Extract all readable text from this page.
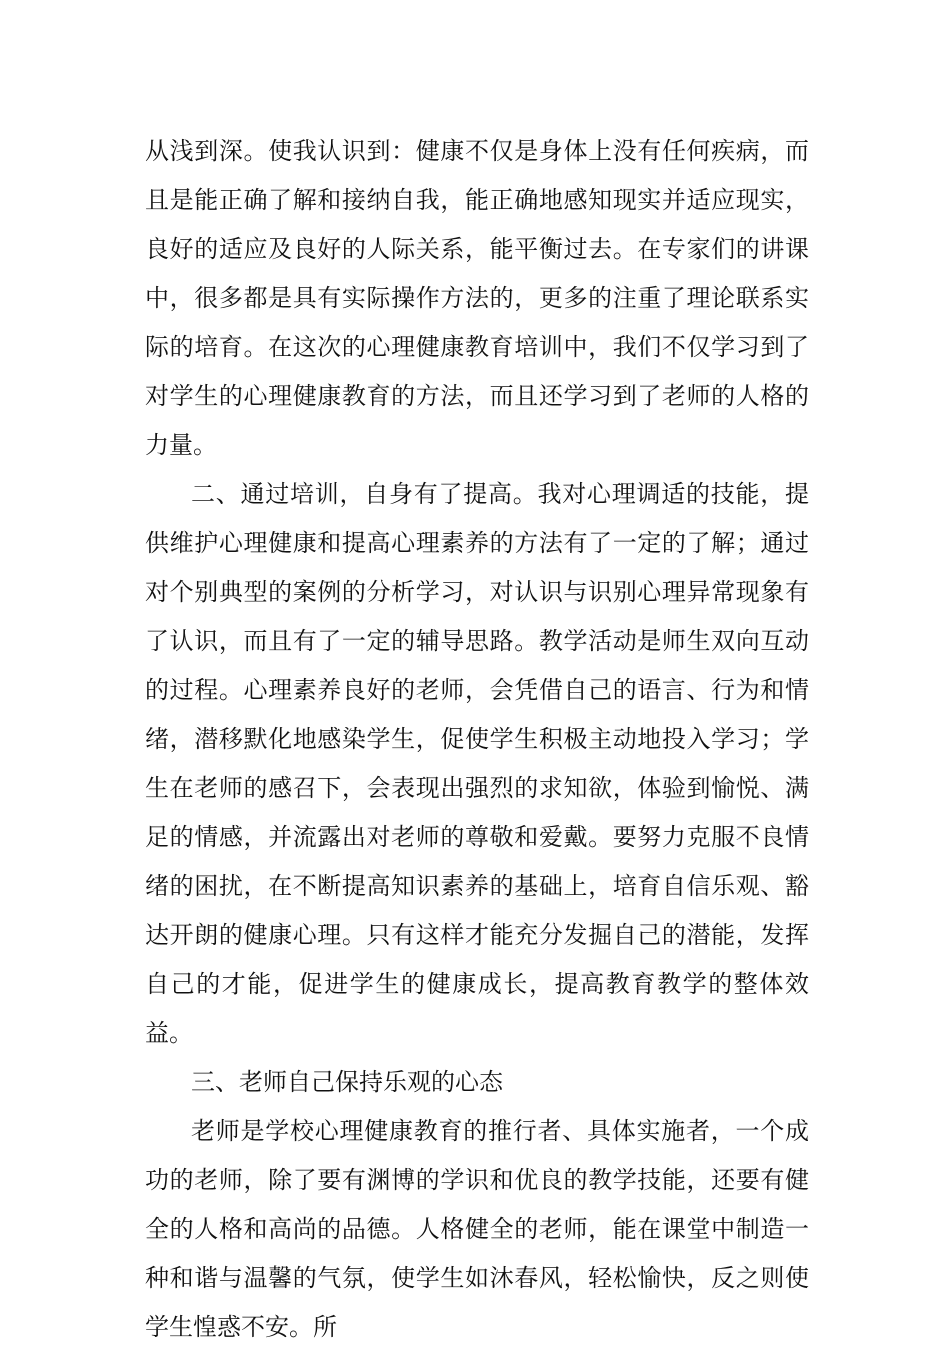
从浅到深。使我认识到：健康不仅是身体上没有任何疾病，而且是能正确了解和接纳自我，能正确地感知现实并适应现实，良好的适应及良好的人际关系，能平衡过去。在专家们的讲课中，很多都是具有实际操作方法的，更多的注重了理论联系实际的培育。在这次的心理健康教育培训中，我们不仅学习到了对学生的心理健康教育的方法，而且还学习到了老师的人格的力量。

二、通过培训，自身有了提高。我对心理调适的技能，提供维护心理健康和提高心理素养的方法有了一定的了解；通过对个别典型的案例的分析学习，对认识与识别心理异常现象有了认识，而且有了一定的辅导思路。教学活动是师生双向互动的过程。心理素养良好的老师，会凭借自己的语言、行为和情绪，潜移默化地感染学生，促使学生积极主动地投入学习；学生在老师的感召下，会表现出强烈的求知欲，体验到愉悦、满足的情感，并流露出对老师的尊敬和爱戴。要努力克服不良情绪的困扰，在不断提高知识素养的基础上，培育自信乐观、豁达开朗的健康心理。只有这样才能充分发掘自己的潜能，发挥自己的才能，促进学生的健康成长，提高教育教学的整体效益。

三、老师自己保持乐观的心态

老师是学校心理健康教育的推行者、具体实施者，一个成功的老师，除了要有渊博的学识和优良的教学技能，还要有健全的人格和高尚的品德。人格健全的老师，能在课堂中制造一种和谐与温馨的气氛，使学生如沐春风，轻松愉快，反之则使学生惶惑不安。所
